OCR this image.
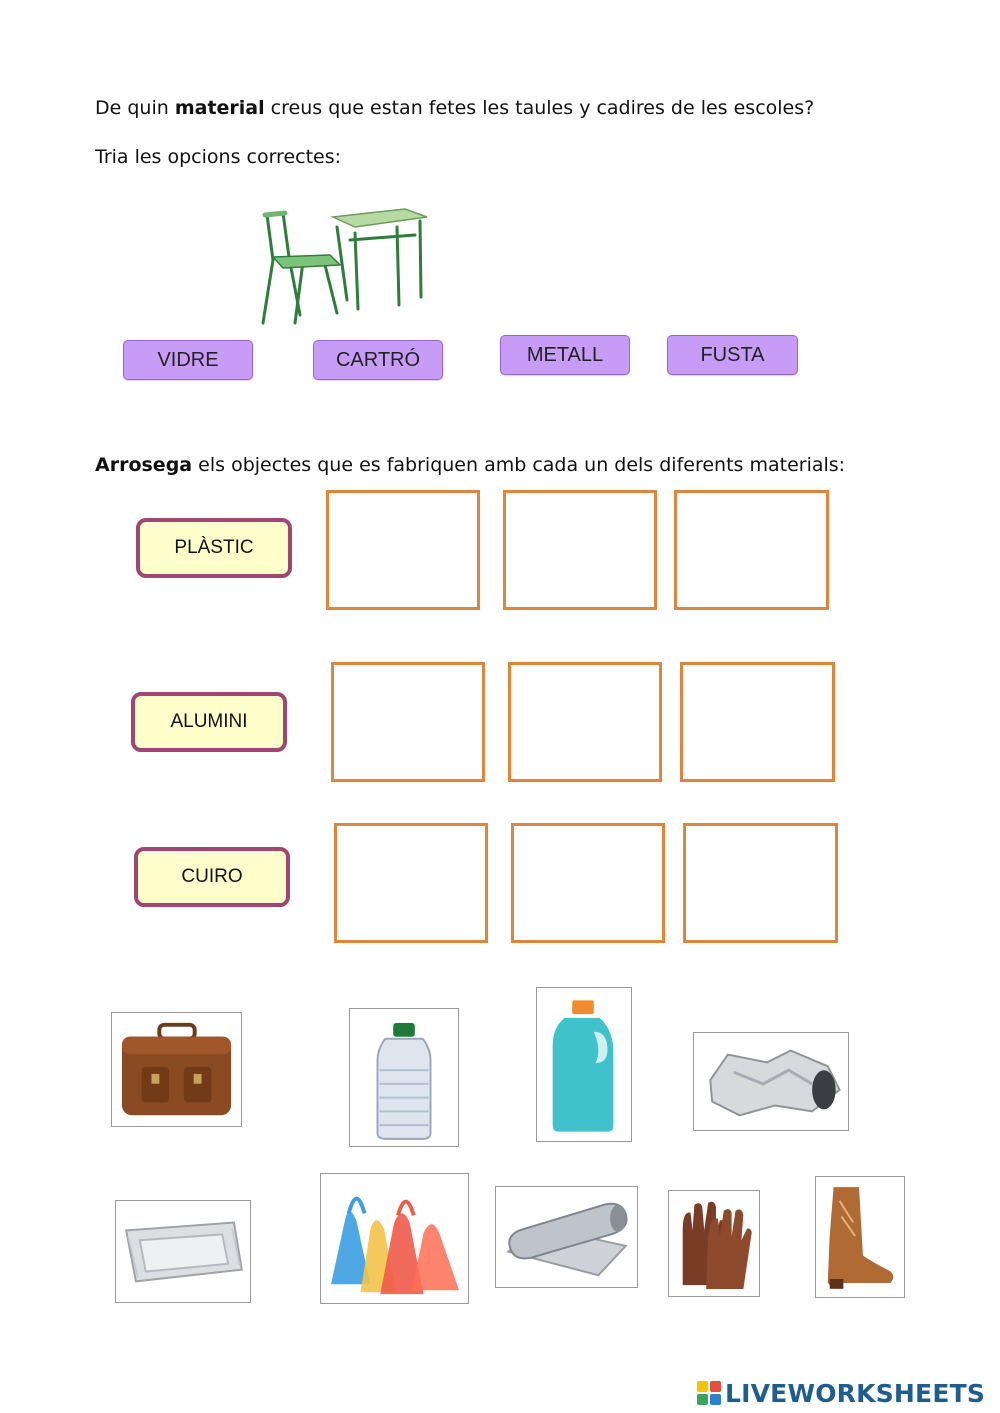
De quin material creus que estan fetes les taules y cadires de les escoles?
Tria les opcions correctes:
VIDRE	CARTRÓ	METALL	FUSTA
Arrosega els objectes que es fabriquen amb cada un dels diferents materials:
PLÀSTIC
ALUMINI
CUIRO
LIVEWORKSHEETS
